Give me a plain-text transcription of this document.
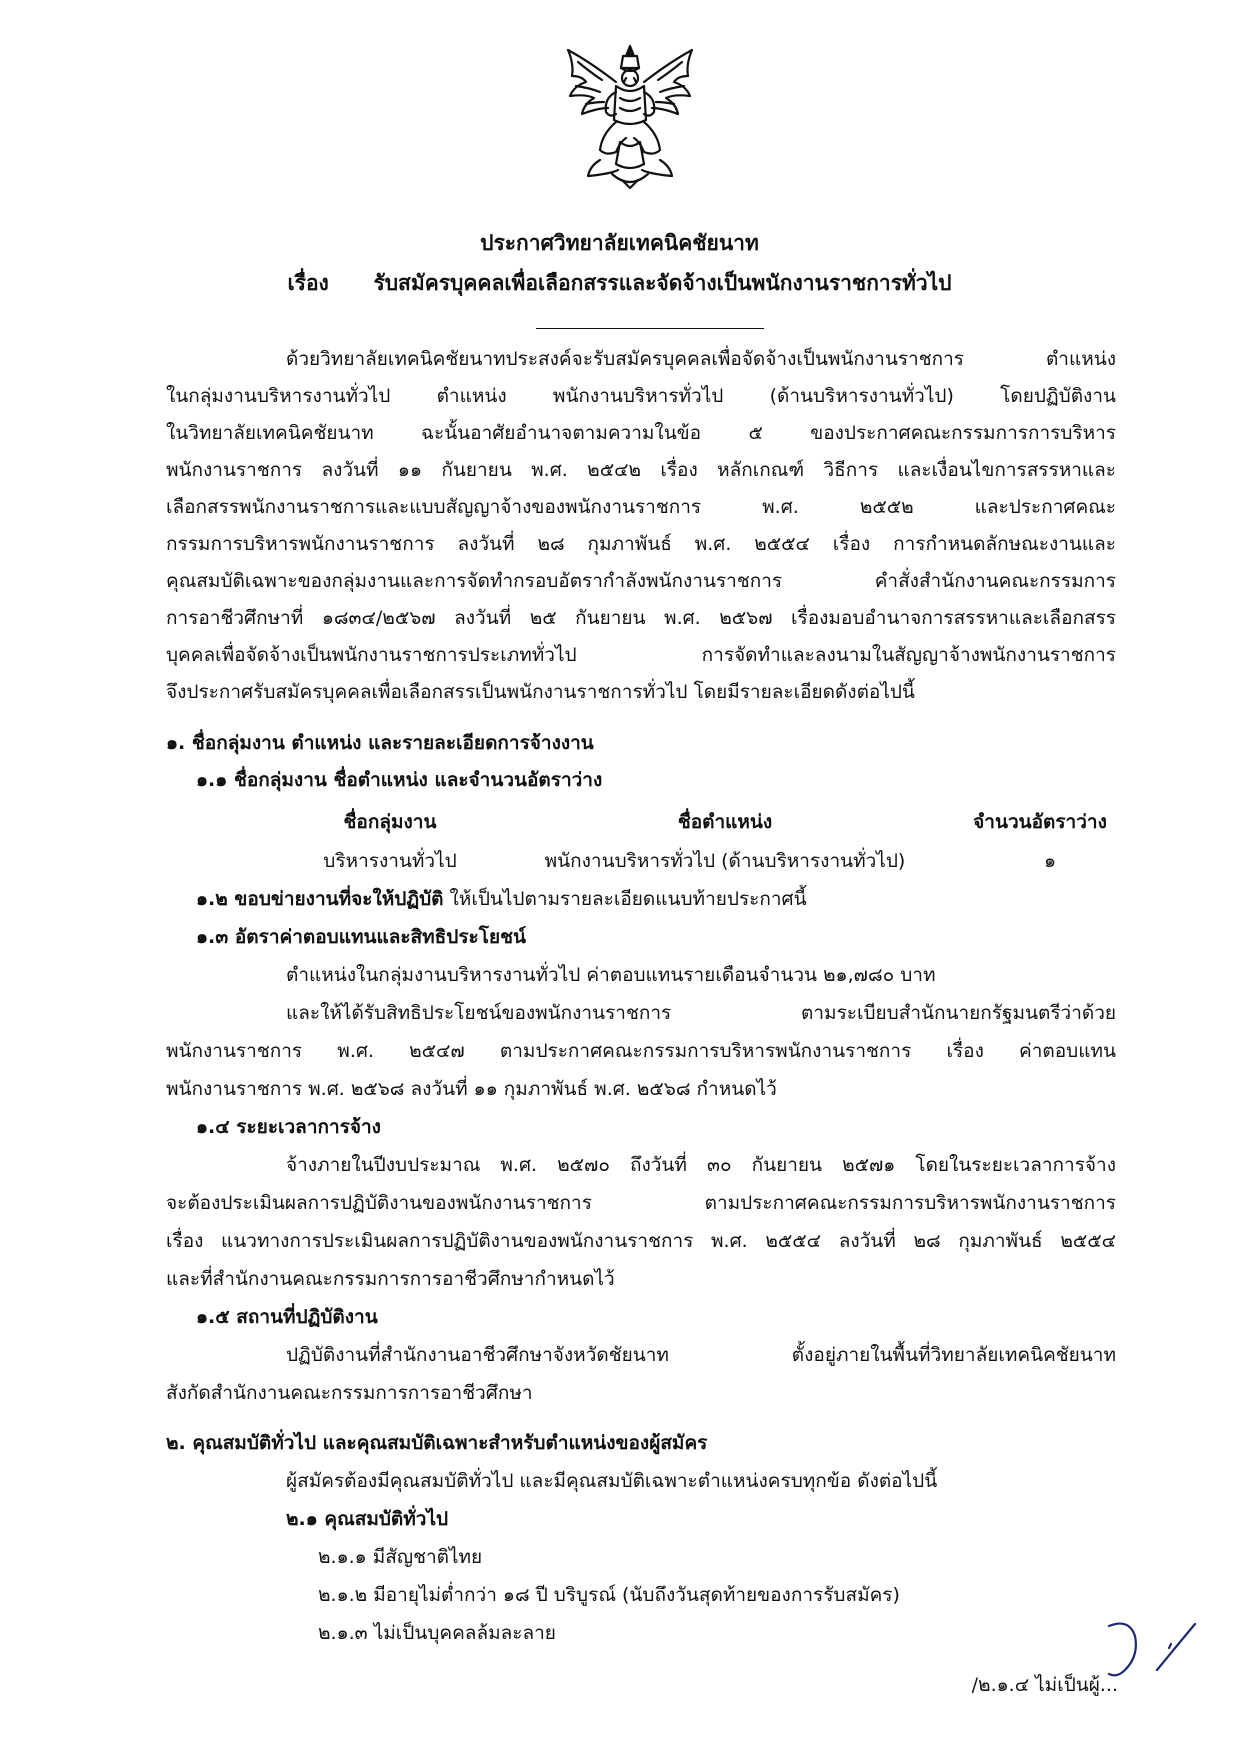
ประกาศวิทยาลัยเทคนิคชัยนาท
เรื่อง รับสมัครบุคคลเพื่อเลือกสรรและจัดจ้างเป็นพนักงานราชการทั่วไป
ด้วยวิทยาลัยเทคนิคชัยนาทประสงค์จะรับสมัครบุคคลเพื่อจัดจ้างเป็นพนักงานราชการ ตำแหน่ง
ในกลุ่มงานบริหารงานทั่วไป ตำแหน่ง พนักงานบริหารทั่วไป (ด้านบริหารงานทั่วไป) โดยปฏิบัติงาน
ในวิทยาลัยเทคนิคชัยนาท ฉะนั้นอาศัยอำนาจตามความในข้อ ๕ ของประกาศคณะกรรมการการบริหาร
พนักงานราชการ ลงวันที่ ๑๑ กันยายน พ.ศ. ๒๕๔๒ เรื่อง หลักเกณฑ์ วิธีการ และเงื่อนไขการสรรหาและ
เลือกสรรพนักงานราชการและแบบสัญญาจ้างของพนักงานราชการ พ.ศ. ๒๕๕๒ และประกาศคณะ
กรรมการบริหารพนักงานราชการ ลงวันที่ ๒๘ กุมภาพันธ์ พ.ศ. ๒๕๕๔ เรื่อง การกำหนดลักษณะงานและ
คุณสมบัติเฉพาะของกลุ่มงานและการจัดทำกรอบอัตรากำลังพนักงานราชการ คำสั่งสำนักงานคณะกรรมการ
การอาชีวศึกษาที่ ๑๘๓๔/๒๕๖๗ ลงวันที่ ๒๕ กันยายน พ.ศ. ๒๕๖๗ เรื่องมอบอำนาจการสรรหาและเลือกสรร
บุคคลเพื่อจัดจ้างเป็นพนักงานราชการประเภททั่วไป การจัดทำและลงนามในสัญญาจ้างพนักงานราชการ
จึงประกาศรับสมัครบุคคลเพื่อเลือกสรรเป็นพนักงานราชการทั่วไป โดยมีรายละเอียดดังต่อไปนี้
๑. ชื่อกลุ่มงาน ตำแหน่ง และรายละเอียดการจ้างงาน
๑.๑ ชื่อกลุ่มงาน ชื่อตำแหน่ง และจำนวนอัตราว่าง
ชื่อกลุ่มงาน	ชื่อตำแหน่ง	จำนวนอัตราว่าง
บริหารงานทั่วไป	พนักงานบริหารทั่วไป (ด้านบริหารงานทั่วไป)	๑
๑.๒ ขอบข่ายงานที่จะให้ปฏิบัติ ให้เป็นไปตามรายละเอียดแนบท้ายประกาศนี้
๑.๓ อัตราค่าตอบแทนและสิทธิประโยชน์
ตำแหน่งในกลุ่มงานบริหารงานทั่วไป ค่าตอบแทนรายเดือนจำนวน ๒๑,๗๘๐ บาท
และให้ได้รับสิทธิประโยชน์ของพนักงานราชการ ตามระเบียบสำนักนายกรัฐมนตรีว่าด้วย
พนักงานราชการ พ.ศ. ๒๕๔๗ ตามประกาศคณะกรรมการบริหารพนักงานราชการ เรื่อง ค่าตอบแทน
พนักงานราชการ พ.ศ. ๒๕๖๘ ลงวันที่ ๑๑ กุมภาพันธ์ พ.ศ. ๒๕๖๘ กำหนดไว้
๑.๔ ระยะเวลาการจ้าง
จ้างภายในปีงบประมาณ พ.ศ. ๒๕๗๐ ถึงวันที่ ๓๐ กันยายน ๒๕๗๑ โดยในระยะเวลาการจ้าง
จะต้องประเมินผลการปฏิบัติงานของพนักงานราชการ ตามประกาศคณะกรรมการบริหารพนักงานราชการ
เรื่อง แนวทางการประเมินผลการปฏิบัติงานของพนักงานราชการ พ.ศ. ๒๕๕๔ ลงวันที่ ๒๘ กุมภาพันธ์ ๒๕๕๔
และที่สำนักงานคณะกรรมการการอาชีวศึกษากำหนดไว้
๑.๕ สถานที่ปฏิบัติงาน
ปฏิบัติงานที่สำนักงานอาชีวศึกษาจังหวัดชัยนาท ตั้งอยู่ภายในพื้นที่วิทยาลัยเทคนิคชัยนาท
สังกัดสำนักงานคณะกรรมการการอาชีวศึกษา
๒. คุณสมบัติทั่วไป และคุณสมบัติเฉพาะสำหรับตำแหน่งของผู้สมัคร
ผู้สมัครต้องมีคุณสมบัติทั่วไป และมีคุณสมบัติเฉพาะตำแหน่งครบทุกข้อ ดังต่อไปนี้
๒.๑ คุณสมบัติทั่วไป
๒.๑.๑ มีสัญชาติไทย
๒.๑.๒ มีอายุไม่ต่ำกว่า ๑๘ ปี บริบูรณ์ (นับถึงวันสุดท้ายของการรับสมัคร)
๒.๑.๓ ไม่เป็นบุคคลล้มละลาย
/๒.๑.๔ ไม่เป็นผู้...
